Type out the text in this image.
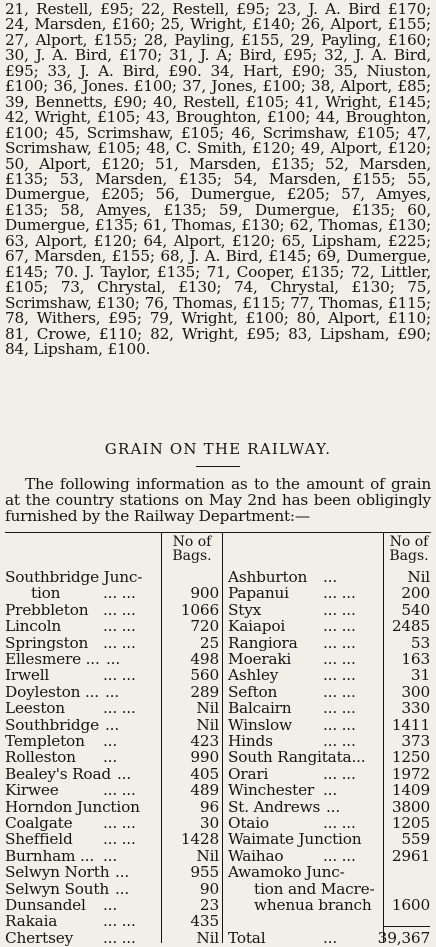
21, Restell, £95; 22, Restell, £95; 23, J. A. Bird £170; 24, Marsden, £160; 25, Wright, £140; 26, Alport, £155; 27, Alport, £155; 28, Payling, £155, 29, Payling, £160; 30, J. A. Bird, £170; 31, J. A; Bird, £95; 32, J. A. Bird, £95; 33, J. A. Bird, £90. 34, Hart, £90; 35, Niuston, £100; 36, Jones. £100; 37, Jones, £100; 38, Alport, £85; 39, Bennetts, £90; 40, Restell, £105; 41, Wright, £145; 42, Wright, £105; 43, Broughton, £100; 44, Broughton, £100; 45, Scrimshaw, £105; 46, Scrimshaw, £105; 47, Scrimshaw, £105; 48, C. Smith, £120; 49, Alport, £120; 50, Alport, £120; 51, Marsden, £135; 52, Marsden, £135; 53, Marsden, £135; 54, Marsden, £155; 55, Dumergue, £205; 56, Dumergue, £205; 57, Amyes, £135; 58, Amyes, £135; 59, Dumergue, £135; 60, Dumergue, £135; 61, Thomas, £130; 62, Thomas, £130; 63, Alport, £120; 64, Alport, £120; 65, Lipsham, £225; 67, Marsden, £155; 68, J. A. Bird, £145; 69, Dumergue, £145; 70. J. Taylor, £135; 71, Cooper, £135; 72, Littler, £105; 73, Chrystal, £130; 74, Chrystal, £130; 75, Scrimshaw, £130; 76, Thomas, £115; 77, Thomas, £115; 78, Withers, £95; 79, Wright, £100; 80, Alport, £110; 81, Crowe, £110; 82, Wright, £95; 83, Lipsham, £90; 84, Lipsham, £100.
GRAIN ON THE RAILWAY.
The following information as to the amount of grain at the country stations on May 2nd has been obligingly furnished by the Railway Department:—
No of
Bags.
No of
Bags.
Southbridge Junc-
tion	... ...	900
Prebbleton ... ...	1066
Lincoln	... ...	720
Springston ... ...	25
Ellesmere ... ...	498
Irwell	... ...	560
Doyleston ... ...	289
Leeston ... ...	Nil
Southbridge ...	Nil
Templeton ...	423
Rolleston ...	990
Bealey's Road ...	405
Kirwee	... ...	489
Horndon Junction	96
Coalgate ... ...	30
Sheffield ... ...	1428
Burnham ... ...	Nil
Selwyn North ...	955
Selwyn South ...	90
Dunsandel ...	23
Rakaia	... ...	435
Chertsey ... ...	Nil
Ashburton ...	Nil
Papanui ... ...	200
Styx	... ...	540
Kaiapoi ... ... 2485
Rangiora ... ...	53
Moeraki ... ...	163
Ashley	... ...	31
Sefton	... ...	300
Balcairn ... ...	330
Winslow ... ... 1411
Hinds	... ...	373
South Rangitata... 1250
Orari	... ... 1972
Winchester ...	1409
St. Andrews ...	3800
Otaio	... ... 1205
Waimate Junction	559
Waihao	... ... 2961
Awamoko Junc-
tion and Macre-
whenua branch 1600
Total	...	39,367
